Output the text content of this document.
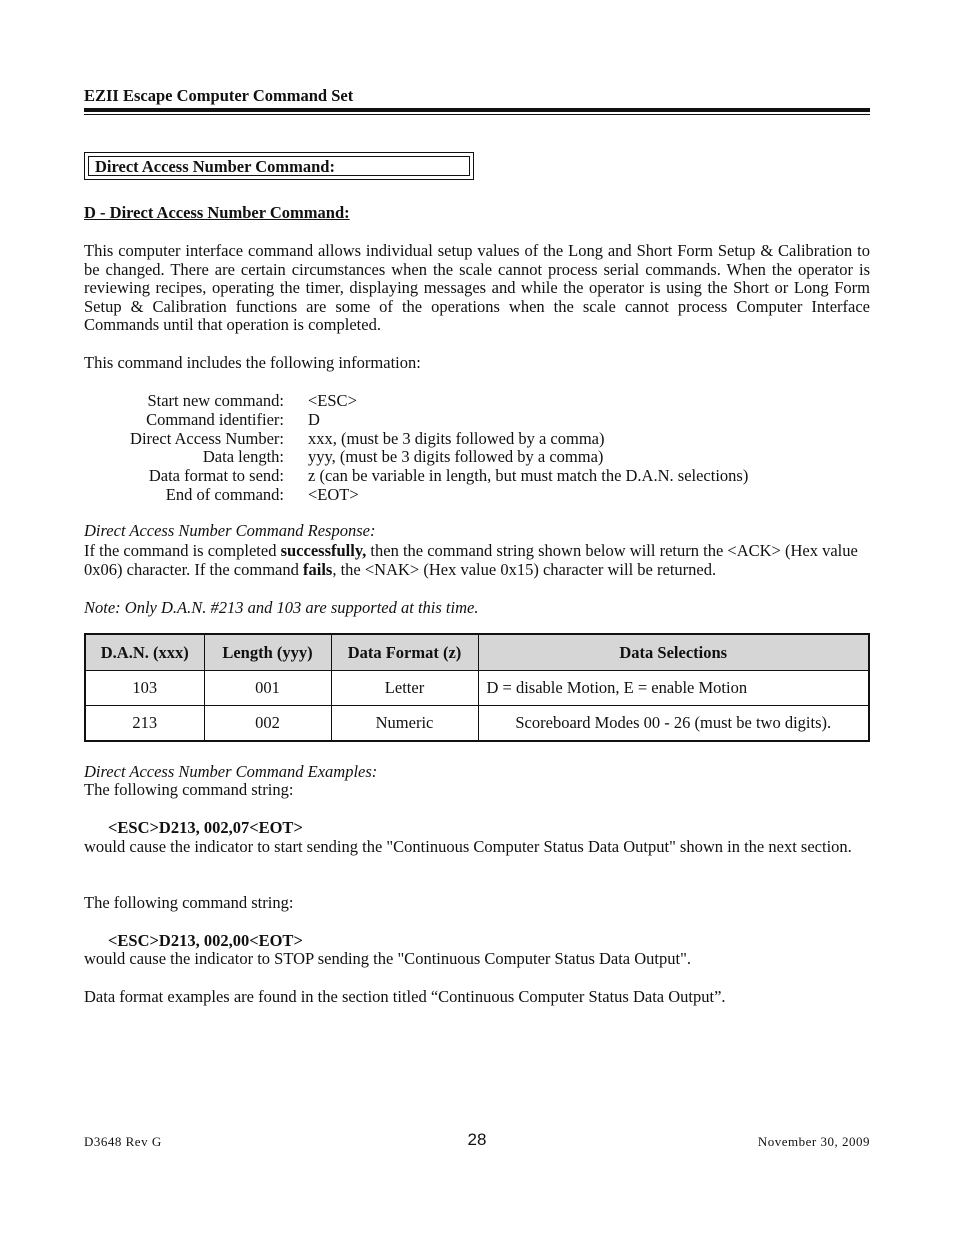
EZII Escape Computer Command Set
Direct Access Number Command:
D - Direct Access Number Command:
This computer interface command allows individual setup values of the Long and Short Form Setup & Calibration to be changed. There are certain circumstances when the scale cannot process serial commands. When the operator is reviewing recipes, operating the timer, displaying messages and while the operator is using the Short or Long Form Setup & Calibration functions are some of the operations when the scale cannot process Computer Interface Commands until that operation is completed.
This command includes the following information:
Start new command: <ESC>
Command identifier: D
Direct Access Number: xxx, (must be 3 digits followed by a comma)
Data length: yyy, (must be 3 digits followed by a comma)
Data format to send: z (can be variable in length, but must match the D.A.N. selections)
End of command: <EOT>
Direct Access Number Command Response:
If the command is completed successfully, then the command string shown below will return the <ACK> (Hex value 0x06) character. If the command fails, the <NAK> (Hex value 0x15) character will be returned.
Note: Only D.A.N. #213 and 103 are supported at this time.
D.A.N. (xxx)	Length (yyy)	Data Format (z)	Data Selections
103	001	Letter	D = disable Motion, E = enable Motion
213	002	Numeric	Scoreboard Modes 00 - 26 (must be two digits).
Direct Access Number Command Examples:
The following command string:
<ESC>D213, 002,07<EOT>
would cause the indicator to start sending the "Continuous Computer Status Data Output" shown in the next section.
The following command string:
<ESC>D213, 002,00<EOT>
would cause the indicator to STOP sending the "Continuous Computer Status Data Output".
Data format examples are found in the section titled “Continuous Computer Status Data Output”.
D3648 Rev G	28	November 30, 2009
